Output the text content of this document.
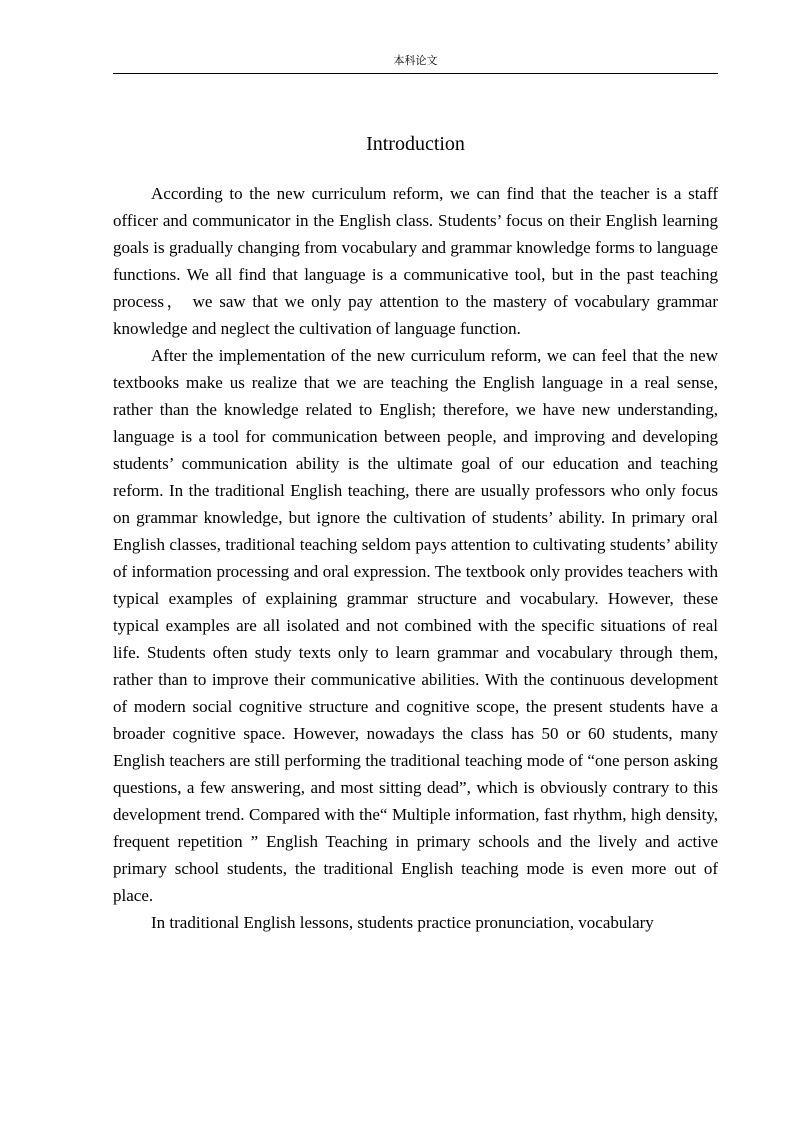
本科论文
Introduction

According to the new curriculum reform, we can find that the teacher is a staff officer and communicator in the English class. Students’ focus on their English learning goals is gradually changing from vocabulary and grammar knowledge forms to language functions. We all find that language is a communicative tool, but in the past teaching process， we saw that we only pay attention to the mastery of vocabulary grammar knowledge and neglect the cultivation of language function.

After the implementation of the new curriculum reform, we can feel that the new textbooks make us realize that we are teaching the English language in a real sense, rather than the knowledge related to English; therefore, we have new understanding, language is a tool for communication between people, and improving and developing students’ communication ability is the ultimate goal of our education and teaching reform. In the traditional English teaching, there are usually professors who only focus on grammar knowledge, but ignore the cultivation of students’ ability. In primary oral English classes, traditional teaching seldom pays attention to cultivating students’ ability of information processing and oral expression. The textbook only provides teachers with typical examples of explaining grammar structure and vocabulary. However, these typical examples are all isolated and not combined with the specific situations of real life. Students often study texts only to learn grammar and vocabulary through them, rather than to improve their communicative abilities. With the continuous development of modern social cognitive structure and cognitive scope, the present students have a broader cognitive space. However, nowadays the class has 50 or 60 students, many English teachers are still performing the traditional teaching mode of “one person asking questions, a few answering, and most sitting dead”, which is obviously contrary to this development trend. Compared with the“ Multiple information, fast rhythm, high density, frequent repetition ” English Teaching in primary schools and the lively and active primary school students, the traditional English teaching mode is even more out of place.

In traditional English lessons, students practice pronunciation, vocabulary
